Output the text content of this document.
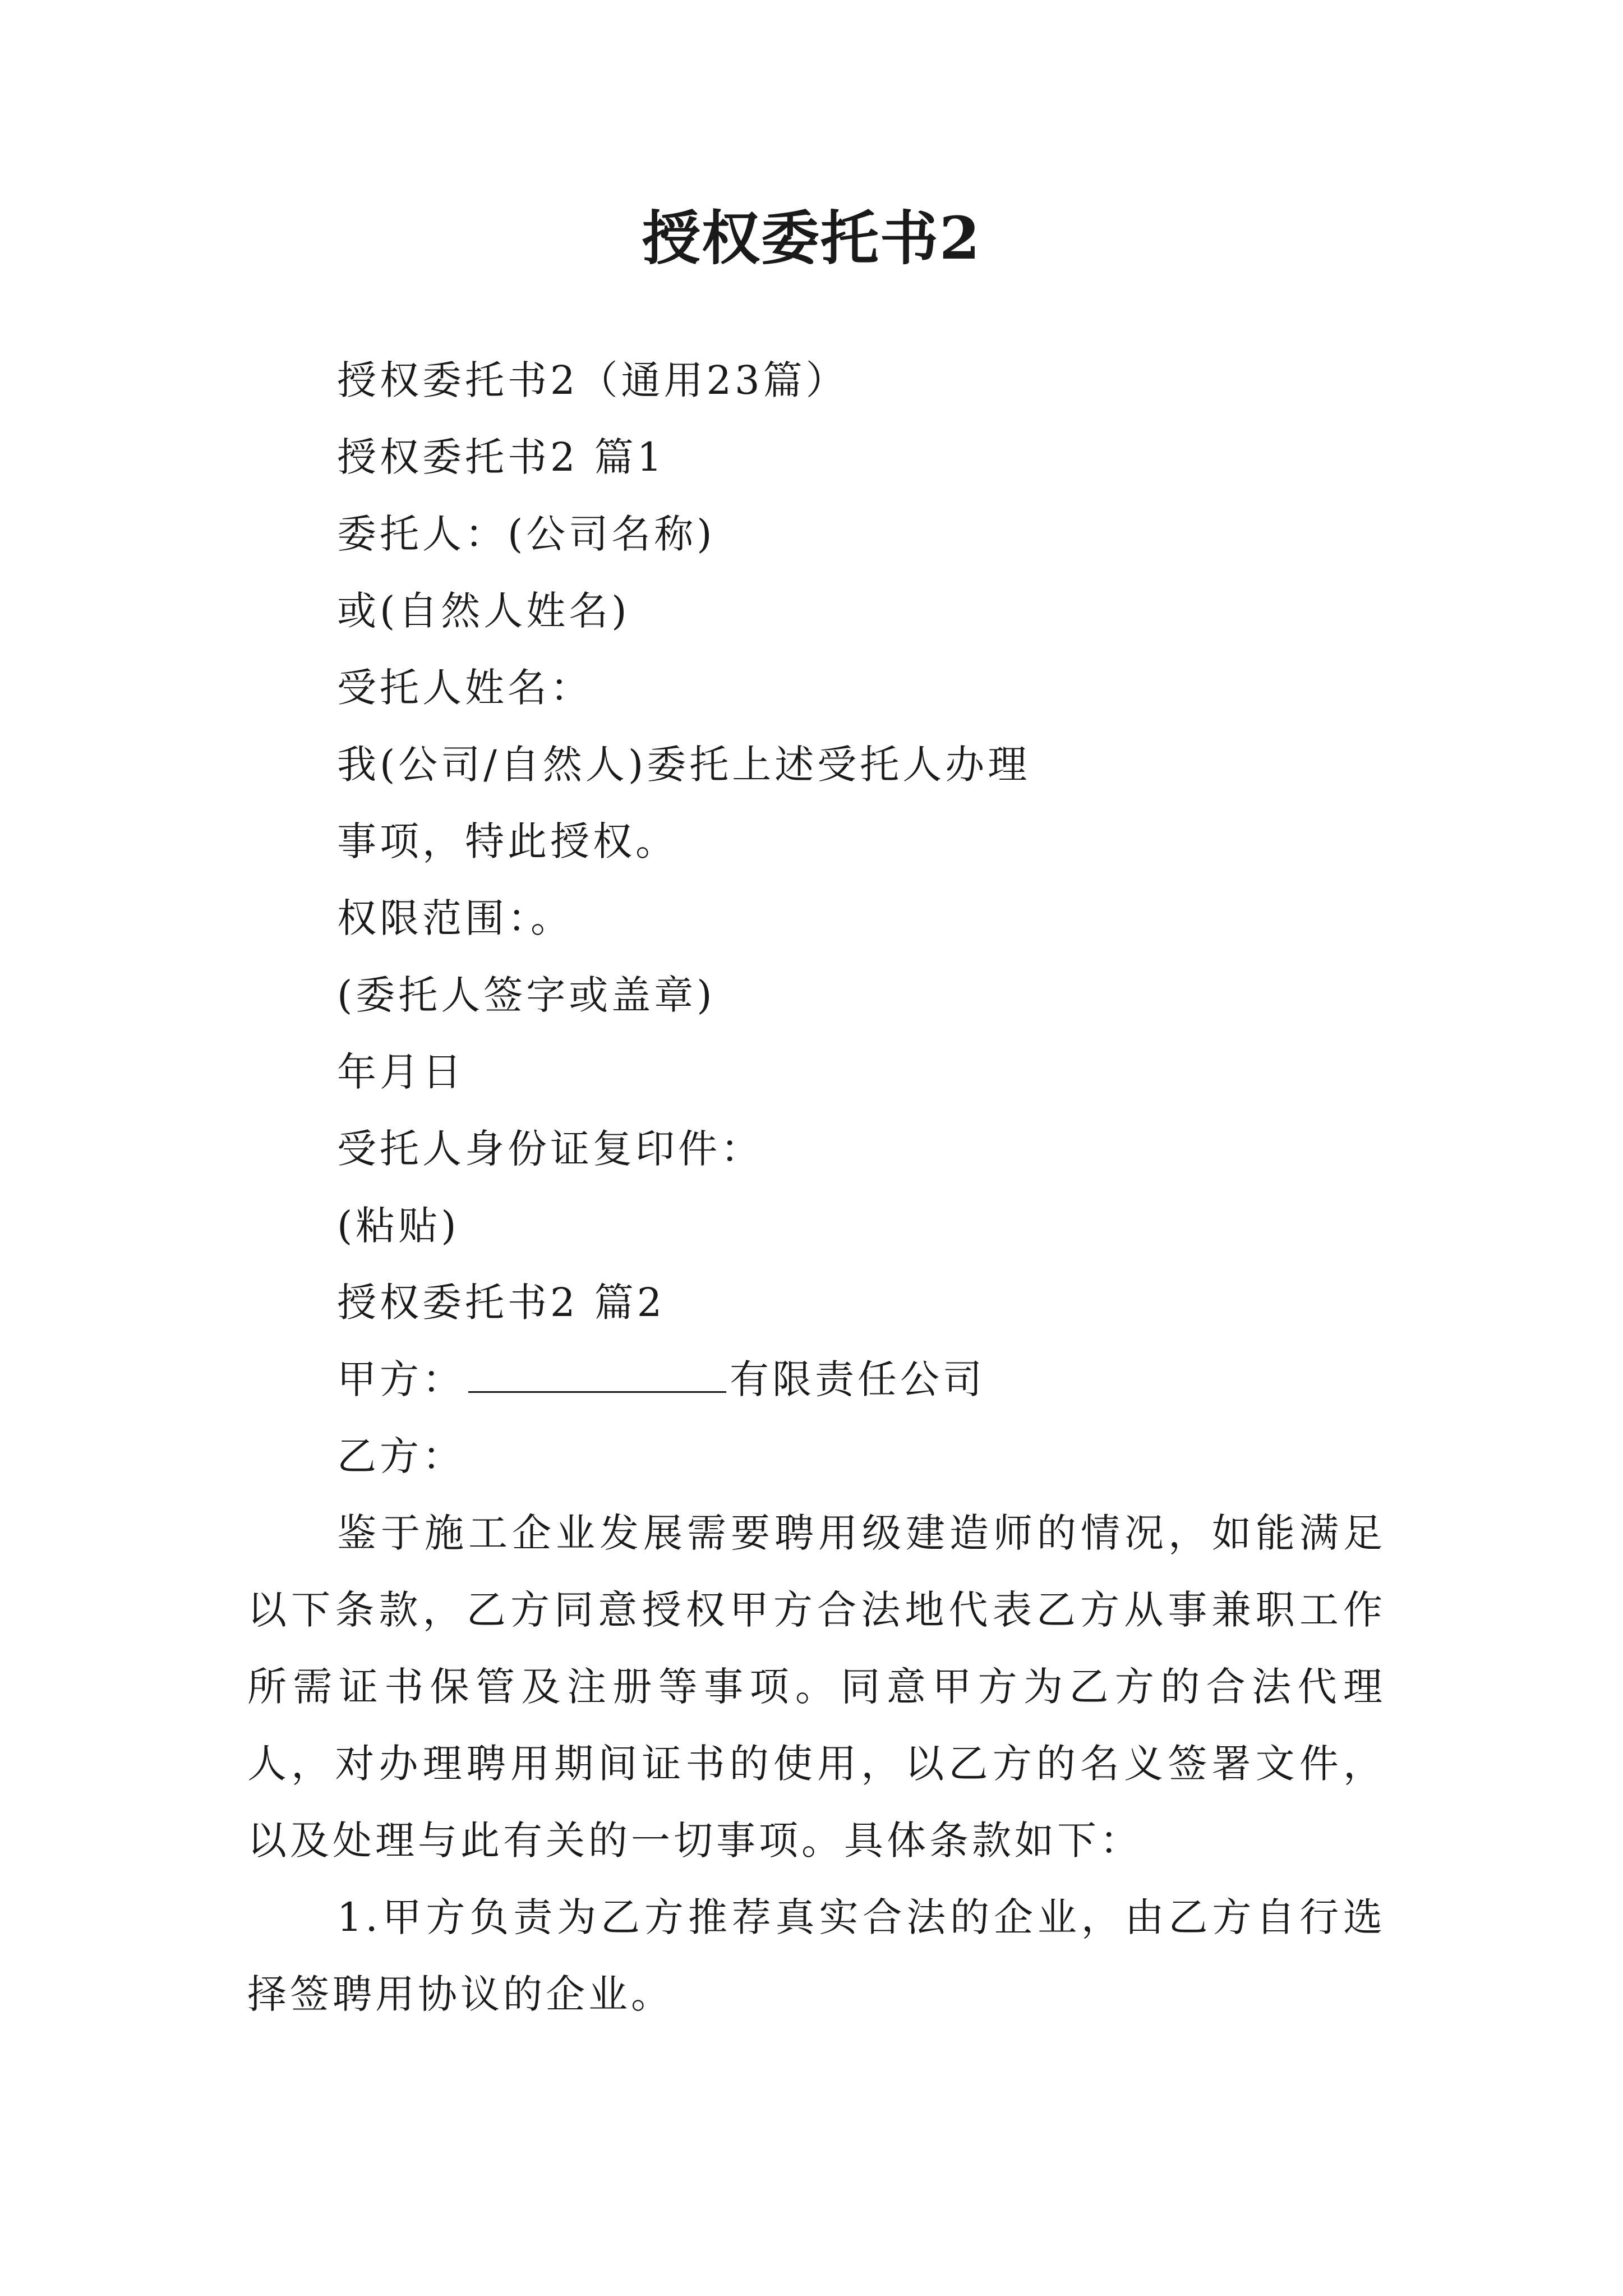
授权委托书2
授权委托书2（通用23篇）
授权委托书2 篇1
委托人：(公司名称)
或(自然人姓名)
受托人姓名：
我(公司/自然人)委托上述受托人办理
事项，特此授权。
权限范围：。
(委托人签字或盖章)
年月日
受托人身份证复印件：
(粘贴)
授权委托书2 篇2
甲方：	有限责任公司
乙方：

鉴于施工企业发展需要聘用级建造师的情况，如能满足以下条款，乙方同意授权甲方合法地代表乙方从事兼职工作所需证书保管及注册等事项。同意甲方为乙方的合法代理人，对办理聘用期间证书的使用，以乙方的名义签署文件，以及处理与此有关的一切事项。具体条款如下：

1.甲方负责为乙方推荐真实合法的企业，由乙方自行选择签聘用协议的企业。
